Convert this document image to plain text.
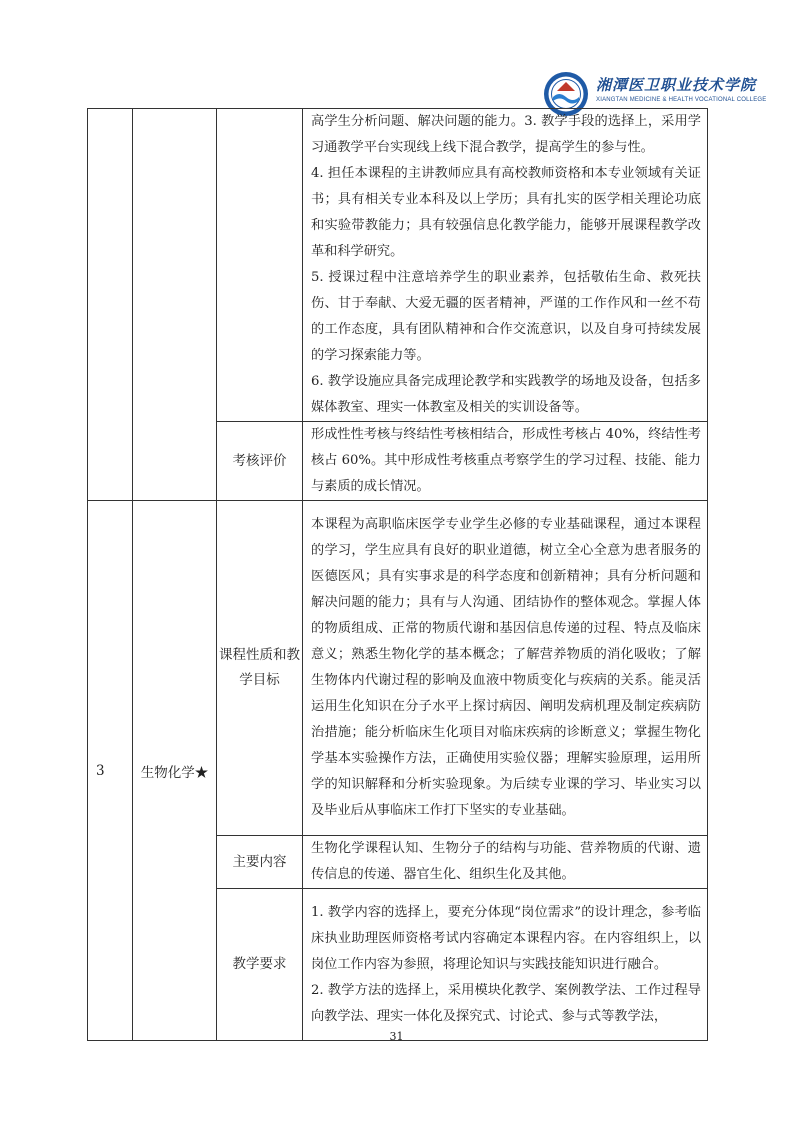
湘潭医卫职业技术学院
XIANGTAN MEDICINE & HEALTH VOCATIONAL COLLEGE

			高学生分析问题、解决问题的能力。3. 教学手段的选择上，采用学习通教学平台实现线上线下混合教学，提高学生的参与性。

4. 担任本课程的主讲教师应具有高校教师资格和本专业领域有关证书；具有相关专业本科及以上学历；具有扎实的医学相关理论功底和实验带教能力；具有较强信息化教学能力，能够开展课程教学改革和科学研究。

5. 授课过程中注意培养学生的职业素养，包括敬佑生命、救死扶伤、甘于奉献、大爱无疆的医者精神，严谨的工作作风和一丝不苟的工作态度，具有团队精神和合作交流意识，以及自身可持续发展的学习探索能力等。

6. 教学设施应具备完成理论教学和实践教学的场地及设备，包括多媒体教室、理实一体教室及相关的实训设备等。

		考核评价	形成性性考核与终结性考核相结合，形成性考核占 40%，终结性考核占 60%。其中形成性考核重点考察学生的学习过程、技能、能力与素质的成长情况。
3	生物化学★	课程性质和教学目标	本课程为高职临床医学专业学生必修的专业基础课程，通过本课程的学习，学生应具有良好的职业道德，树立全心全意为患者服务的医德医风；具有实事求是的科学态度和创新精神；具有分析问题和解决问题的能力；具有与人沟通、团结协作的整体观念。掌握人体的物质组成、正常的物质代谢和基因信息传递的过程、特点及临床意义；熟悉生物化学的基本概念；了解营养物质的消化吸收；了解生物体内代谢过程的影响及血液中物质变化与疾病的关系。能灵活运用生化知识在分子水平上探讨病因、阐明发病机理及制定疾病防治措施；能分析临床生化项目对临床疾病的诊断意义；掌握生物化学基本实验操作方法，正确使用实验仪器；理解实验原理，运用所学的知识解释和分析实验现象。为后续专业课的学习、毕业实习以及毕业后从事临床工作打下坚实的专业基础。
		主要内容	生物化学课程认知、生物分子的结构与功能、营养物质的代谢、遗传信息的传递、器官生化、组织生化及其他。
		教学要求	1. 教学内容的选择上，要充分体现“岗位需求”的设计理念，参考临床执业助理医师资格考试内容确定本课程内容。在内容组织上，以岗位工作内容为参照，将理论知识与实践技能知识进行融合。

2. 教学方法的选择上，采用模块化教学、案例教学法、工作过程导向教学法、理实一体化及探究式、讨论式、参与式等教学法，

31
